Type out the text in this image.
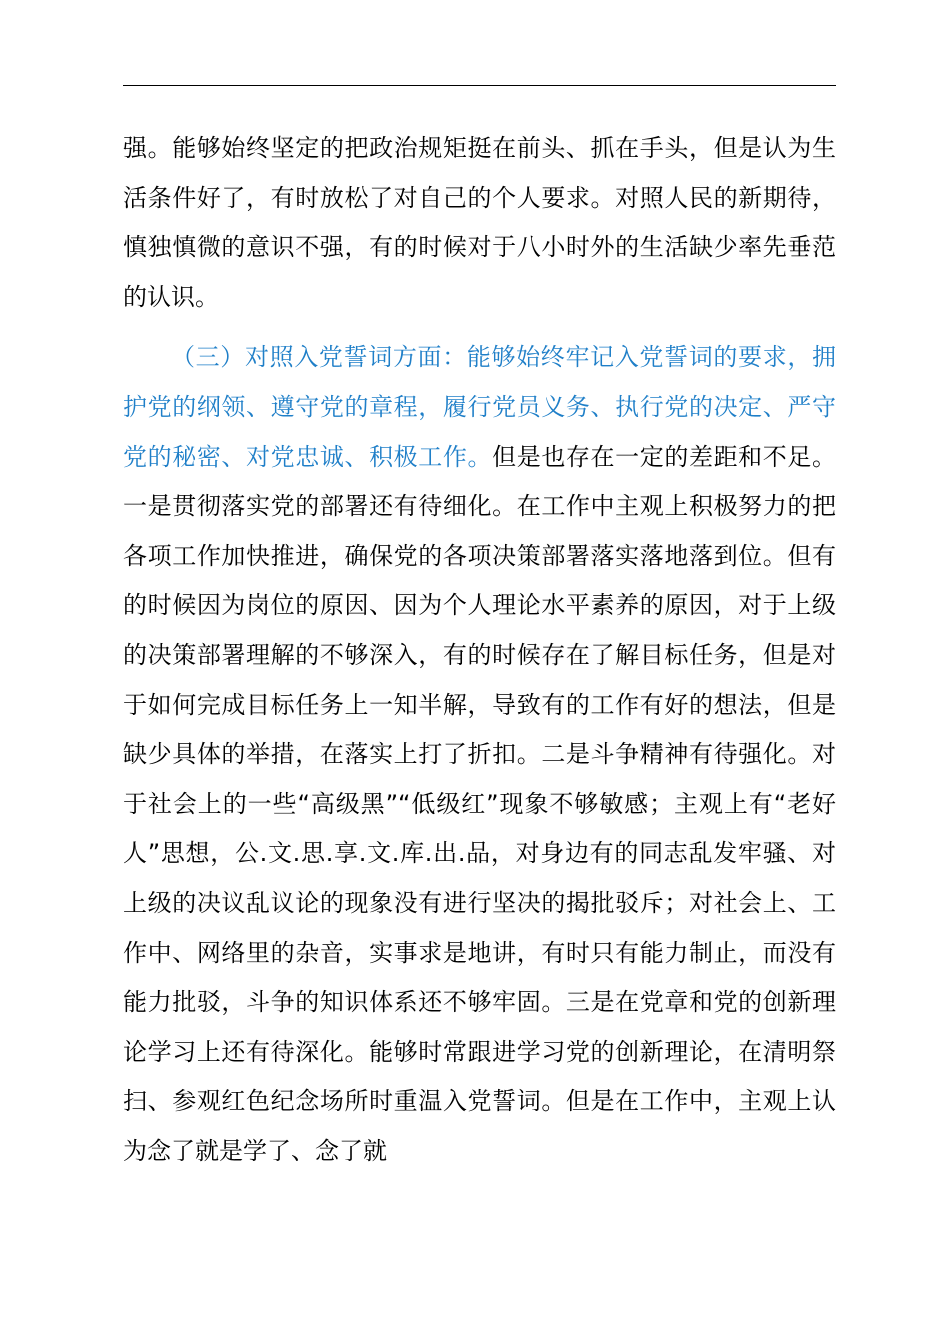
强。能够始终坚定的把政治规矩挺在前头、抓在手头，但是认为生活条件好了，有时放松了对自己的个人要求。对照人民的新期待，慎独慎微的意识不强，有的时候对于八小时外的生活缺少率先垂范的认识。

（三）对照入党誓词方面：能够始终牢记入党誓词的要求，拥护党的纲领、遵守党的章程，履行党员义务、执行党的决定、严守党的秘密、对党忠诚、积极工作。但是也存在一定的差距和不足。一是贯彻落实党的部署还有待细化。在工作中主观上积极努力的把各项工作加快推进，确保党的各项决策部署落实落地落到位。但有的时候因为岗位的原因、因为个人理论水平素养的原因，对于上级的决策部署理解的不够深入，有的时候存在了解目标任务，但是对于如何完成目标任务上一知半解，导致有的工作有好的想法，但是缺少具体的举措，在落实上打了折扣。二是斗争精神有待强化。对于社会上的一些“高级黑”“低级红”现象不够敏感；主观上有“老好人”思想，公.文.思.享.文.库.出.品，对身边有的同志乱发牢骚、对上级的决议乱议论的现象没有进行坚决的揭批驳斥；对社会上、工作中、网络里的杂音，实事求是地讲，有时只有能力制止，而没有能力批驳，斗争的知识体系还不够牢固。三是在党章和党的创新理论学习上还有待深化。能够时常跟进学习党的创新理论，在清明祭扫、参观红色纪念场所时重温入党誓词。但是在工作中，主观上认为念了就是学了、念了就
